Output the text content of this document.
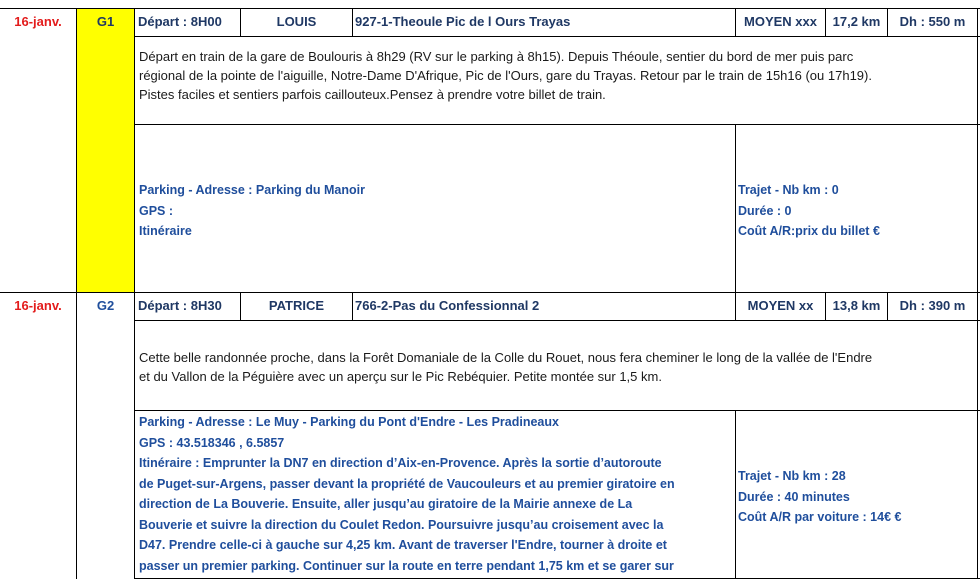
16-janv.	G1	Départ : 8H00	LOUIS	927-1-Theoule Pic de l Ours Trayas	MOYEN xxx	17,2 km	Dh : 550 m
Départ en train de la gare de Boulouris à 8h29 (RV sur le parking à 8h15). Depuis Théoule, sentier du bord de mer puis parc
régional de la pointe de l'aiguille, Notre-Dame D'Afrique, Pic de l'Ours, gare du Trayas. Retour par le train de 15h16 (ou 17h19).
Pistes faciles et sentiers parfois caillouteux.Pensez à prendre votre billet de train.
Parking - Adresse : Parking du Manoir
GPS :
Itinéraire
Trajet - Nb km : 0
Durée : 0
Coût A/R:prix du billet €
16-janv.	G2	Départ : 8H30	PATRICE	766-2-Pas du Confessionnal 2	MOYEN xx	13,8 km	Dh : 390 m
Cette belle randonnée proche, dans la Forêt Domaniale de la Colle du Rouet, nous fera cheminer le long de la vallée de l'Endre
et du Vallon de la Péguière avec un aperçu sur le Pic Rebéquier. Petite montée sur 1,5 km.
Parking - Adresse : Le Muy - Parking du Pont d'Endre - Les Pradineaux
GPS : 43.518346 , 6.5857
Itinéraire : Emprunter la DN7 en direction d’Aix-en-Provence. Après la sortie d’autoroute
de Puget-sur-Argens, passer devant la propriété de Vaucouleurs et au premier giratoire en
direction de La Bouverie. Ensuite, aller jusqu’au giratoire de la Mairie annexe de La
Bouverie et suivre la direction du Coulet Redon. Poursuivre jusqu’au croisement avec la
D47. Prendre celle-ci à gauche sur 4,25 km. Avant de traverser l'Endre, tourner à droite et
passer un premier parking. Continuer sur la route en terre pendant 1,75 km et se garer sur
Trajet - Nb km : 28
Durée : 40 minutes
Coût A/R par voiture : 14€ €
